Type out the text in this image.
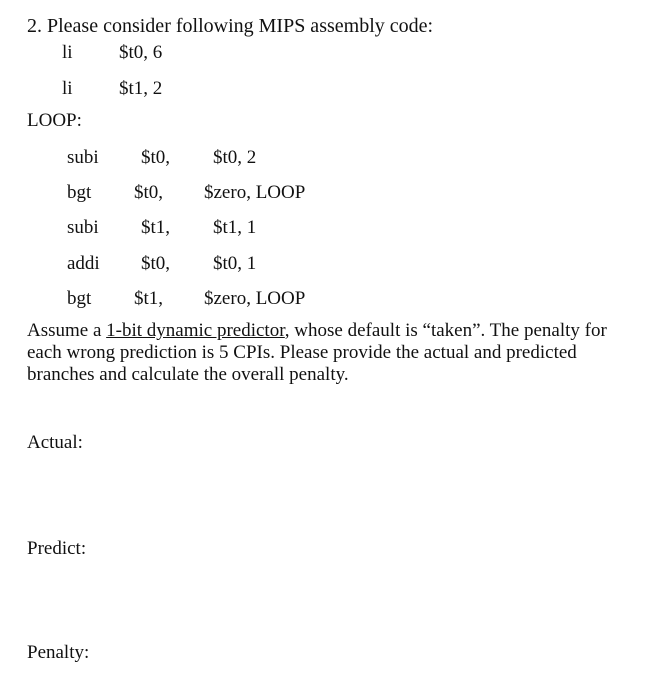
2. Please consider following MIPS assembly code:
li $t0, 6
li $t1, 2
LOOP:
subi $t0, $t0, 2
bgt $t0, $zero, LOOP
subi $t1, $t1, 1
addi $t0, $t0, 1
bgt $t1, $zero, LOOP
Assume a 1-bit dynamic predictor, whose default is “taken”. The penalty for each wrong prediction is 5 CPIs. Please provide the actual and predicted branches and calculate the overall penalty.
Actual:
Predict:
Penalty:
